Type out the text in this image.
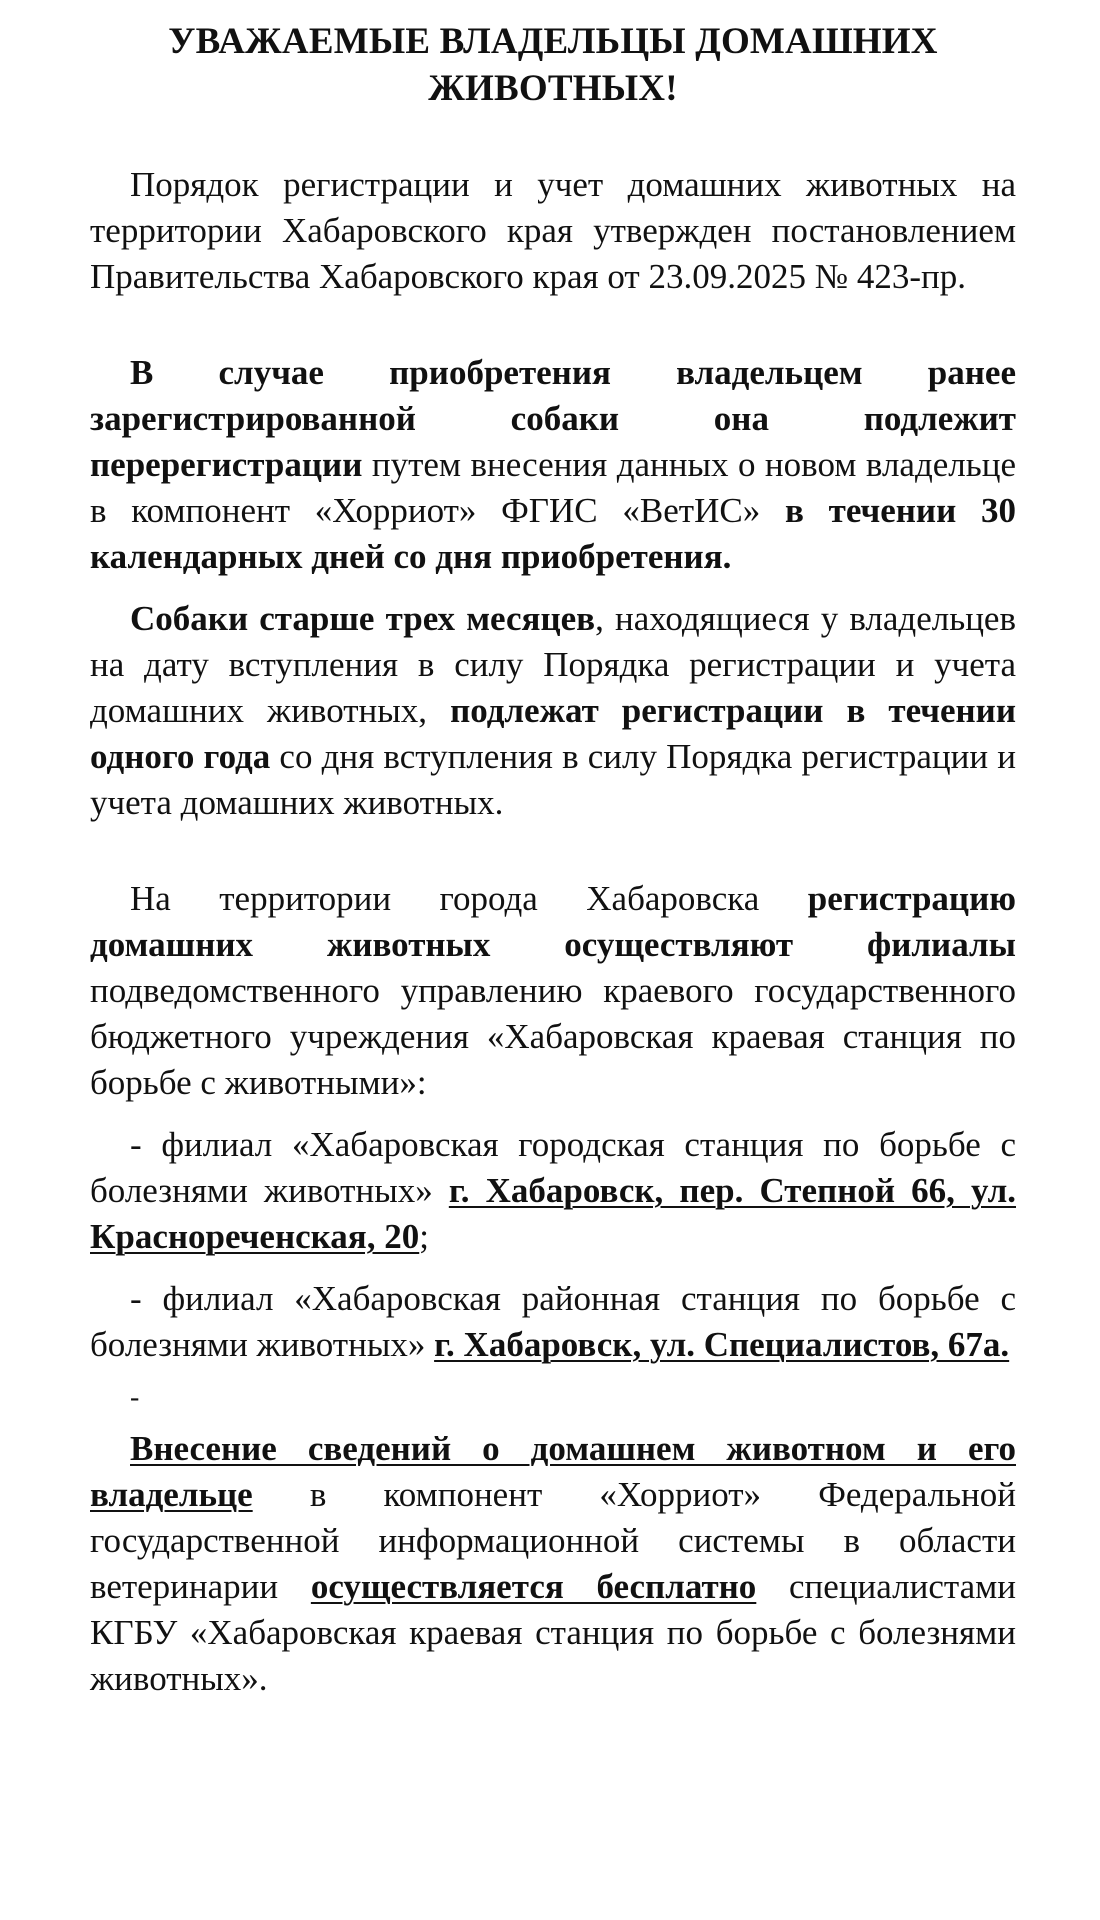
УВАЖАЕМЫЕ ВЛАДЕЛЬЦЫ ДОМАШНИХ
ЖИВОТНЫХ!

Порядок регистрации и учет домашних животных на территории Хабаровского края утвержден постановлением Правительства Хабаровского края от 23.09.2025 № 423-пр.

В случае приобретения владельцем ранее зарегистрированной собаки она подлежит перерегистрации путем внесения данных о новом владельце в компонент «Хорриот» ФГИС «ВетИС» в течении 30 календарных дней со дня приобретения.

Собаки старше трех месяцев, находящиеся у владельцев на дату вступления в силу Порядка регистрации и учета домашних животных, подлежат регистрации в течении одного года со дня вступления в силу Порядка регистрации и учета домашних животных.

На территории города Хабаровска регистрацию домашних животных осуществляют филиалы подведомственного управлению краевого государственного бюджетного учреждения «Хабаровская краевая станция по борьбе с животными»:

- филиал «Хабаровская городская станция по борьбе с болезнями животных» г. Хабаровск, пер. Степной 66, ул. Краснореченская, 20;

- филиал «Хабаровская районная станция по борьбе с болезнями животных» г. Хабаровск, ул. Специалистов, 67а.

-

Внесение сведений о домашнем животном и его владельце в компонент «Хорриот» Федеральной государственной информационной системы в области ветеринарии осуществляется бесплатно специалистами КГБУ «Хабаровская краевая станция по борьбе с болезнями животных».
